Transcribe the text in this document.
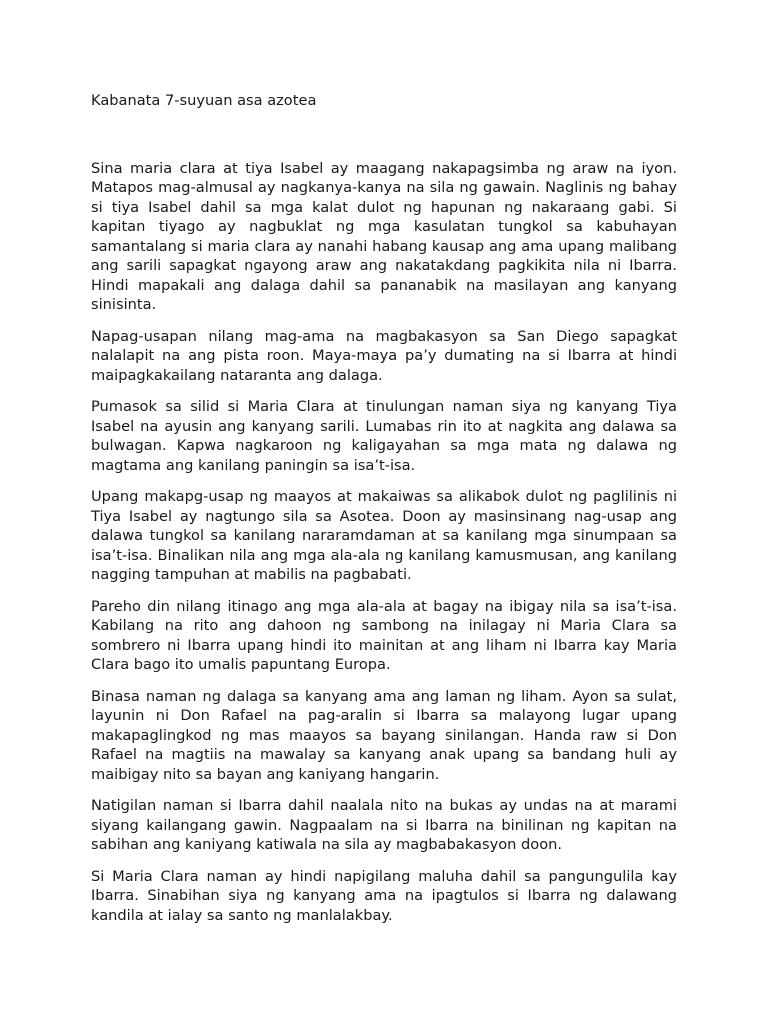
Kabanata 7-suyuan asa azotea

Sina maria clara at tiya Isabel ay maagang nakapagsimba ng araw na iyon. Matapos mag-almusal ay nagkanya-kanya na sila ng gawain. Naglinis ng bahay si tiya Isabel dahil sa mga kalat dulot ng hapunan ng nakaraang gabi. Si kapitan tiyago ay nagbuklat ng mga kasulatan tungkol sa kabuhayan samantalang si maria clara ay nanahi habang kausap ang ama upang malibang ang sarili sapagkat ngayong araw ang nakatakdang pagkikita nila ni Ibarra. Hindi mapakali ang dalaga dahil sa pananabik na masilayan ang kanyang sinisinta.

Napag-usapan nilang mag-ama na magbakasyon sa San Diego sapagkat nalalapit na ang pista roon. Maya-maya pa’y dumating na si Ibarra at hindi maipagkakailang nataranta ang dalaga.

Pumasok sa silid si Maria Clara at tinulungan naman siya ng kanyang Tiya Isabel na ayusin ang kanyang sarili. Lumabas rin ito at nagkita ang dalawa sa bulwagan. Kapwa nagkaroon ng kaligayahan sa mga mata ng dalawa ng magtama ang kanilang paningin sa isa’t-isa.

Upang makapg-usap ng maayos at makaiwas sa alikabok dulot ng paglilinis ni Tiya Isabel ay nagtungo sila sa Asotea. Doon ay masinsinang nag-usap ang dalawa tungkol sa kanilang nararamdaman at sa kanilang mga sinumpaan sa isa’t-isa. Binalikan nila ang mga ala-ala ng kanilang kamusmusan, ang kanilang nagging tampuhan at mabilis na pagbabati.

Pareho din nilang itinago ang mga ala-ala at bagay na ibigay nila sa isa’t-isa. Kabilang na rito ang dahoon ng sambong na inilagay ni Maria Clara sa sombrero ni Ibarra upang hindi ito mainitan at ang liham ni Ibarra kay Maria Clara bago ito umalis papuntang Europa.

Binasa naman ng dalaga sa kanyang ama ang laman ng liham. Ayon sa sulat, layunin ni Don Rafael na pag-aralin si Ibarra sa malayong lugar upang makapaglingkod ng mas maayos sa bayang sinilangan. Handa raw si Don Rafael na magtiis na mawalay sa kanyang anak upang sa bandang huli ay maibigay nito sa bayan ang kaniyang hangarin.

Natigilan naman si Ibarra dahil naalala nito na bukas ay undas na at marami siyang kailangang gawin. Nagpaalam na si Ibarra na binilinan ng kapitan na sabihan ang kaniyang katiwala na sila ay magbabakasyon doon.

Si Maria Clara naman ay hindi napigilang maluha dahil sa pangungulila kay Ibarra. Sinabihan siya ng kanyang ama na ipagtulos si Ibarra ng dalawang kandila at ialay sa santo ng manlalakbay.
